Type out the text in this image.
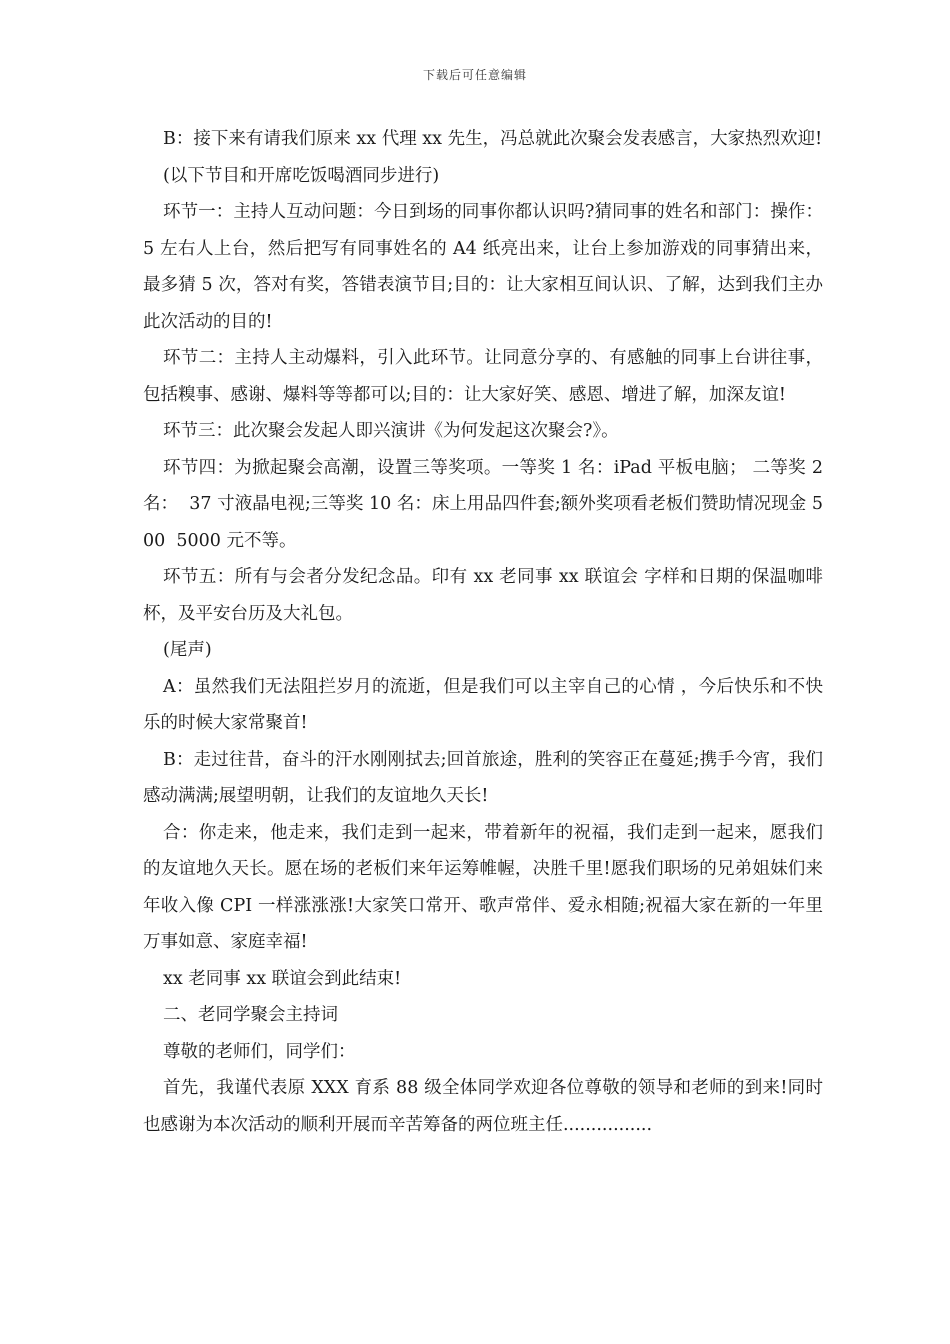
下载后可任意编辑

B：接下来有请我们原来 xx 代理 xx 先生，冯总就此次聚会发表感言，大家热烈欢迎!

(以下节目和开席吃饭喝酒同步进行)

环节一：主持人互动问题：今日到场的同事你都认识吗?猜同事的姓名和部门：操作：5 左右人上台，然后把写有同事姓名的 A4 纸亮出来，让台上参加游戏的同事猜出来，最多猜 5 次，答对有奖，答错表演节目;目的：让大家相互间认识、了解，达到我们主办此次活动的目的!

环节二：主持人主动爆料，引入此环节。让同意分享的、有感触的同事上台讲往事，包括糗事、感谢、爆料等等都可以;目的：让大家好笑、感恩、增进了解，加深友谊!

环节三：此次聚会发起人即兴演讲《为何发起这次聚会?》。

环节四：为掀起聚会高潮，设置三等奖项。一等奖 1 名：iPad 平板电脑； 二等奖 2 名：  37 寸液晶电视;三等奖 10 名：床上用品四件套;额外奖项看老板们赞助情况现金 500  5000 元不等。

环节五：所有与会者分发纪念品。印有 xx 老同事 xx 联谊会 字样和日期的保温咖啡杯，及平安台历及大礼包。

(尾声)

A：虽然我们无法阻拦岁月的流逝，但是我们可以主宰自己的心情 ，今后快乐和不快乐的时候大家常聚首!

B：走过往昔，奋斗的汗水刚刚拭去;回首旅途，胜利的笑容正在蔓延;携手今宵，我们感动满满;展望明朝，让我们的友谊地久天长!

合：你走来，他走来，我们走到一起来，带着新年的祝福，我们走到一起来，愿我们的友谊地久天长。愿在场的老板们来年运筹帷幄，决胜千里!愿我们职场的兄弟姐妹们来年收入像 CPI 一样涨涨涨!大家笑口常开、歌声常伴、爱永相随;祝福大家在新的一年里万事如意、家庭幸福!

xx 老同事 xx 联谊会到此结束!

二、老同学聚会主持词

尊敬的老师们，同学们：

首先，我谨代表原 XXX 育系 88 级全体同学欢迎各位尊敬的领导和老师的到来!同时也感谢为本次活动的顺利开展而辛苦筹备的两位班主任................
